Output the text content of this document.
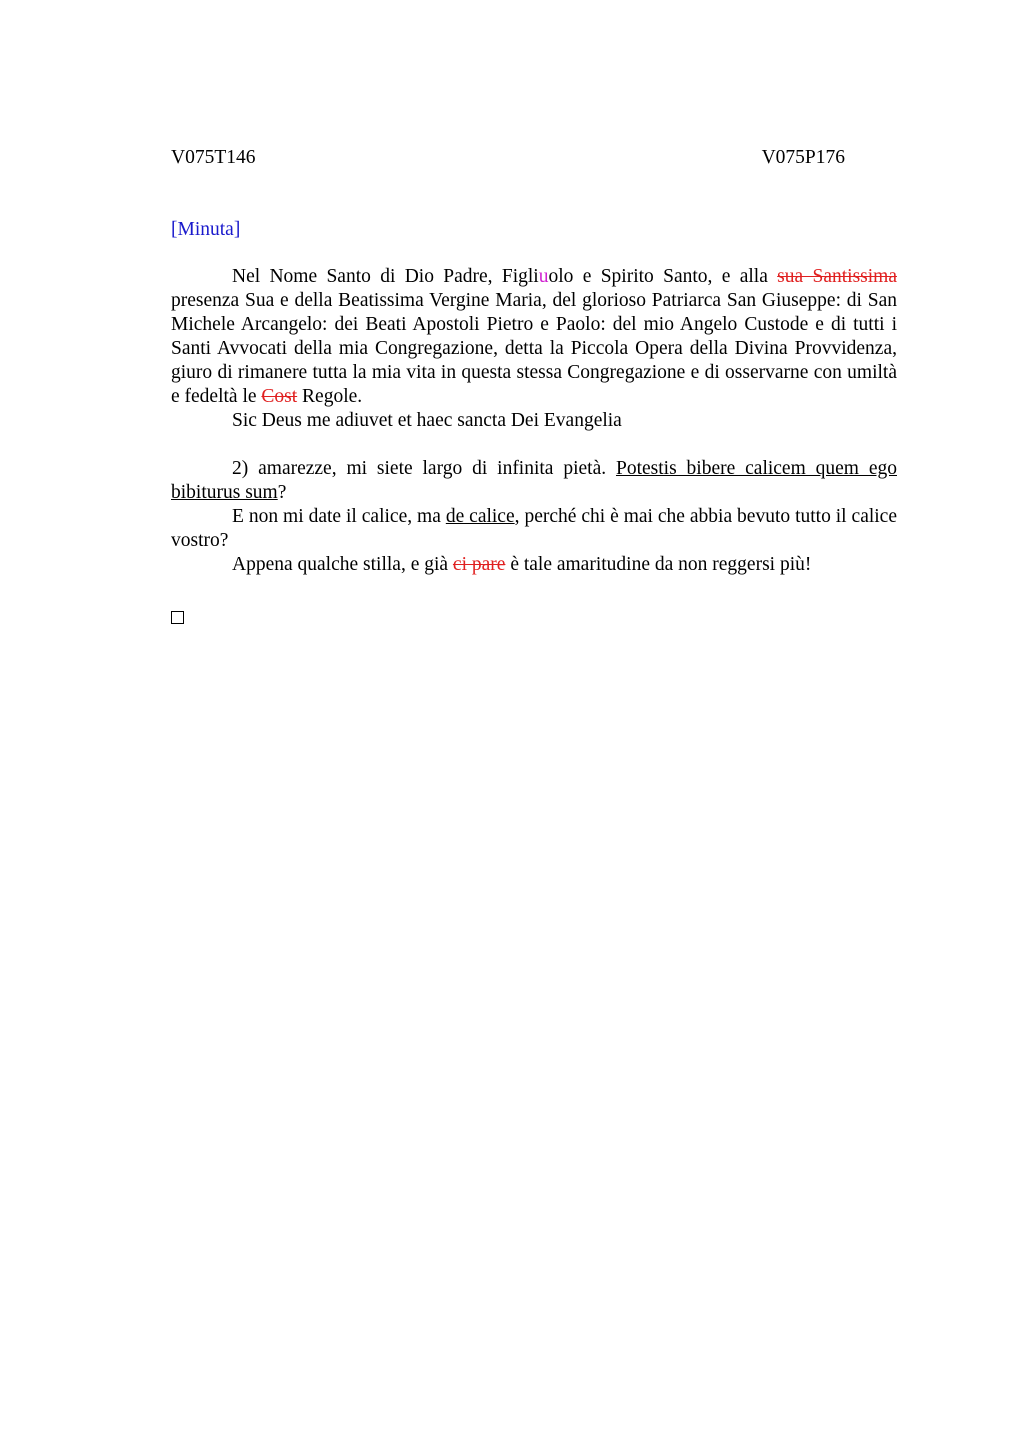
V075T146	V075P176
[Minuta]

Nel Nome Santo di Dio Padre, Figliuolo e Spirito Santo, e alla sua Santissima presenza Sua e della Beatissima Vergine Maria, del glorioso Patriarca San Giuseppe: di San Michele Arcangelo: dei Beati Apostoli Pietro e Paolo: del mio Angelo Custode e di tutti i Santi Avvocati della mia Congregazione, detta la Piccola Opera della Divina Provvidenza, giuro di rimanere tutta la mia vita in questa stessa Congregazione e di osservarne con umiltà e fedeltà le Cost Regole.

Sic Deus me adiuvet et haec sancta Dei Evangelia

2) amarezze, mi siete largo di infinita pietà. Potestis bibere calicem quem ego bibiturus sum?

E non mi date il calice, ma de calice, perché chi è mai che abbia bevuto tutto il calice vostro?

Appena qualche stilla, e già ci pare è tale amaritudine da non reggersi più!
